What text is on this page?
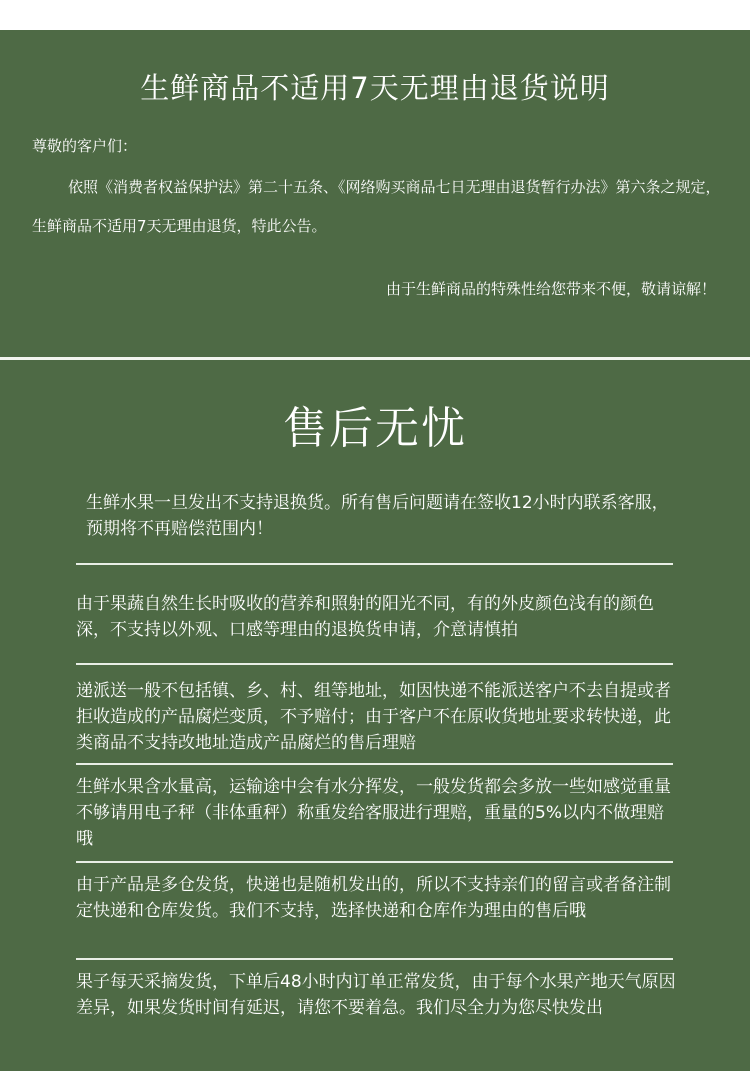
生鲜商品不适用7天无理由退货说明
尊敬的客户们：
依照《消费者权益保护法》第二十五条、《网络购买商品七日无理由退货暂行办法》第六条之规定，生鲜商品不适用7天无理由退货，特此公告。
由于生鲜商品的特殊性给您带来不便，敬请谅解！
售后无忧
生鲜水果一旦发出不支持退换货。所有售后问题请在签收12小时内联系客服，预期将不再赔偿范围内！
由于果蔬自然生长时吸收的营养和照射的阳光不同，有的外皮颜色浅有的颜色深，不支持以外观、口感等理由的退换货申请，介意请慎拍
递派送一般不包括镇、乡、村、组等地址，如因快递不能派送客户不去自提或者拒收造成的产品腐烂变质，不予赔付；由于客户不在原收货地址要求转快递，此类商品不支持改地址造成产品腐烂的售后理赔
生鲜水果含水量高，运输途中会有水分挥发，一般发货都会多放一些如感觉重量不够请用电子秤（非体重秤）称重发给客服进行理赔，重量的5%以内不做理赔哦
由于产品是多仓发货，快递也是随机发出的，所以不支持亲们的留言或者备注制定快递和仓库发货。我们不支持，选择快递和仓库作为理由的售后哦
果子每天采摘发货，下单后48小时内订单正常发货，由于每个水果产地天气原因差异，如果发货时间有延迟，请您不要着急。我们尽全力为您尽快发出
